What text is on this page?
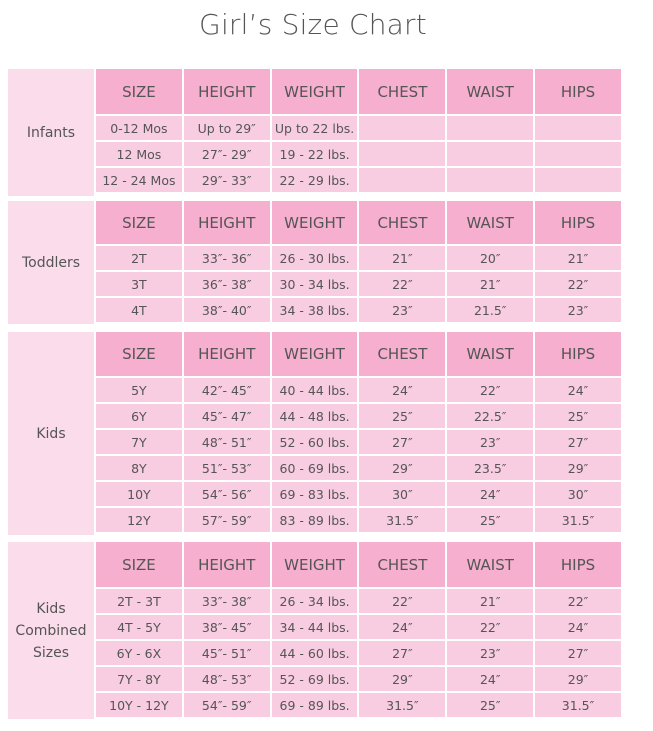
Girl’s Size Chart
Infants
SIZE	HEIGHT	WEIGHT	CHEST	WAIST	HIPS
0-12 Mos	Up to 29″	Up to 22 lbs.
12 Mos	27″- 29″	19 - 22 lbs.
12 - 24 Mos	29″- 33″	22 - 29 lbs.
Toddlers
SIZE	HEIGHT	WEIGHT	CHEST	WAIST	HIPS
2T	33″- 36″	26 - 30 lbs.	21″	20″	21″
3T	36″- 38″	30 - 34 lbs.	22″	21″	22″
4T	38″- 40″	34 - 38 lbs.	23″	21.5″	23″
Kids
SIZE	HEIGHT	WEIGHT	CHEST	WAIST	HIPS
5Y	42″- 45″	40 - 44 lbs.	24″	22″	24″
6Y	45″- 47″	44 - 48 lbs.	25″	22.5″	25″
7Y	48″- 51″	52 - 60 lbs.	27″	23″	27″
8Y	51″- 53″	60 - 69 lbs.	29″	23.5″	29″
10Y	54″- 56″	69 - 83 lbs.	30″	24″	30″
12Y	57″- 59″	83 - 89 lbs.	31.5″	25″	31.5″
Kids
Combined
Sizes
SIZE	HEIGHT	WEIGHT	CHEST	WAIST	HIPS
2T - 3T	33″- 38″	26 - 34 lbs.	22″	21″	22″
4T - 5Y	38″- 45″	34 - 44 lbs.	24″	22″	24″
6Y - 6X	45″- 51″	44 - 60 lbs.	27″	23″	27″
7Y - 8Y	48″- 53″	52 - 69 lbs.	29″	24″	29″
10Y - 12Y	54″- 59″	69 - 89 lbs.	31.5″	25″	31.5″
